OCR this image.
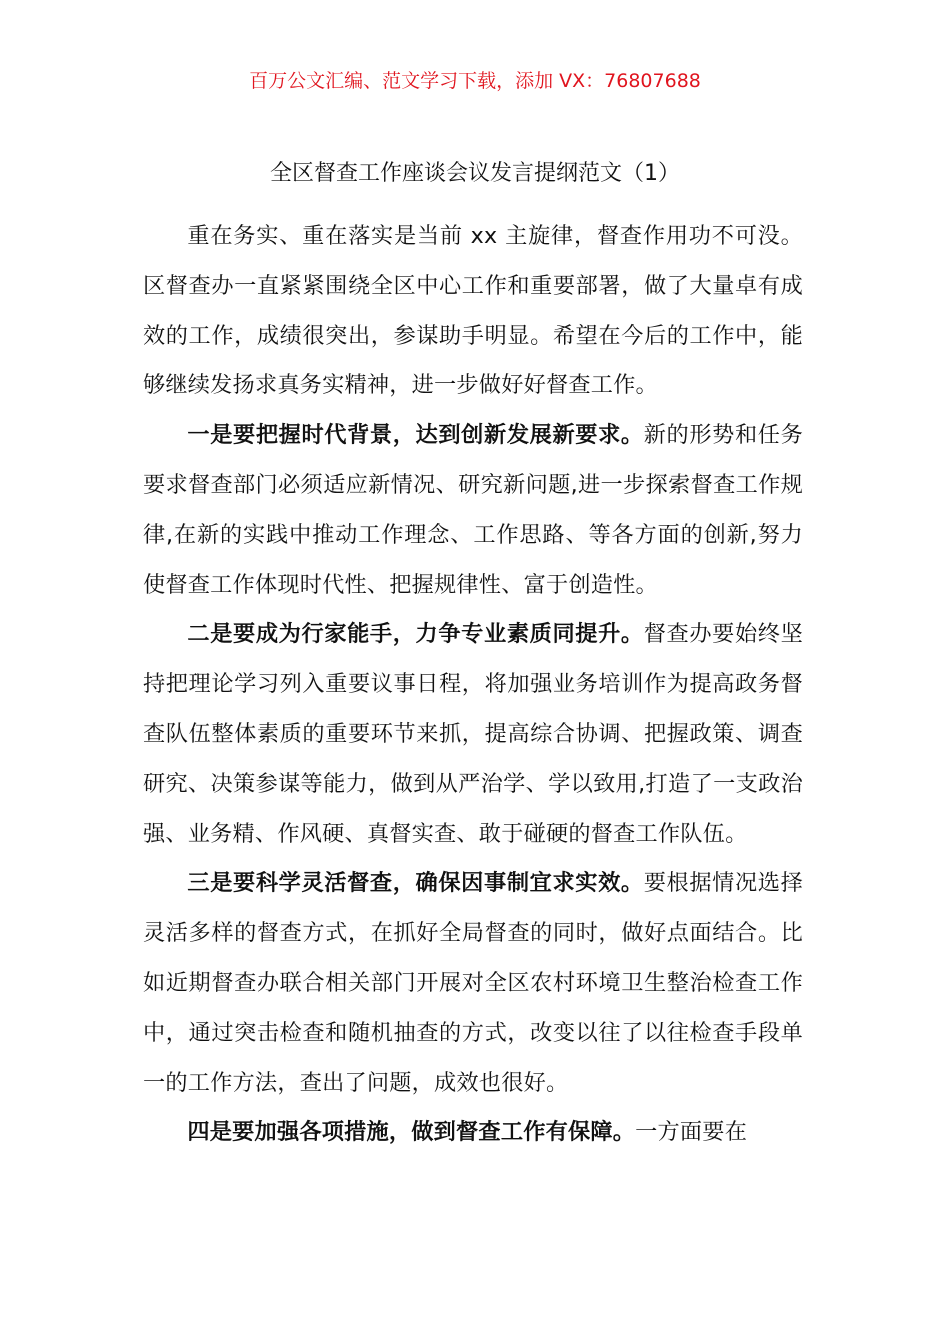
百万公文汇编、范文学习下载，添加 VX：76807688
全区督查工作座谈会议发言提纲范文（1）

重在务实、重在落实是当前 xx 主旋律，督查作用功不可没。区督查办一直紧紧围绕全区中心工作和重要部署，做了大量卓有成效的工作，成绩很突出，参谋助手明显。希望在今后的工作中，能够继续发扬求真务实精神，进一步做好好督查工作。

一是要把握时代背景，达到创新发展新要求。新的形势和任务要求督查部门必须适应新情况、研究新问题,进一步探索督查工作规律,在新的实践中推动工作理念、工作思路、等各方面的创新,努力使督查工作体现时代性、把握规律性、富于创造性。

二是要成为行家能手，力争专业素质同提升。督查办要始终坚持把理论学习列入重要议事日程，将加强业务培训作为提高政务督查队伍整体素质的重要环节来抓，提高综合协调、把握政策、调查研究、决策参谋等能力，做到从严治学、学以致用,打造了一支政治强、业务精、作风硬、真督实查、敢于碰硬的督查工作队伍。

三是要科学灵活督查，确保因事制宜求实效。要根据情况选择灵活多样的督查方式，在抓好全局督查的同时，做好点面结合。比如近期督查办联合相关部门开展对全区农村环境卫生整治检查工作中，通过突击检查和随机抽查的方式，改变以往了以往检查手段单一的工作方法，查出了问题，成效也很好。

四是要加强各项措施，做到督查工作有保障。一方面要在
